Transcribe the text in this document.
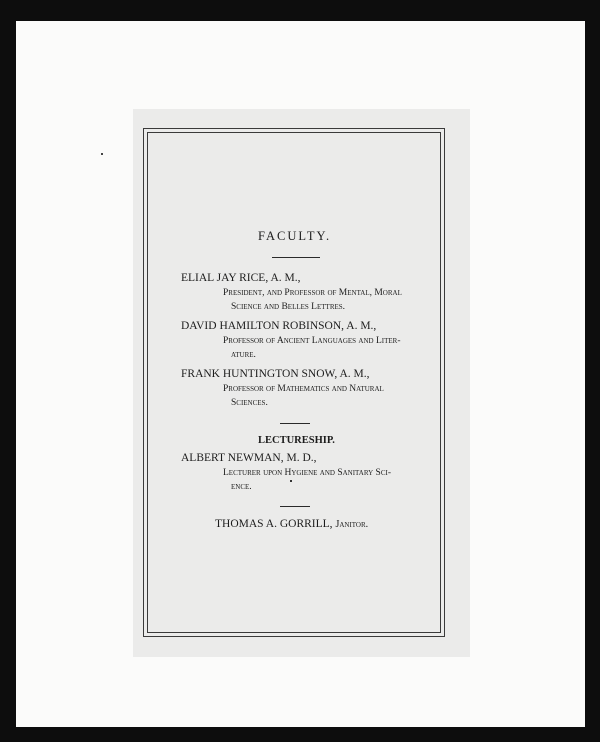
FACULTY.
ELIAL JAY RICE, A. M.,
President, and Professor of Mental, Moral
Science and Belles Lettres.
DAVID HAMILTON ROBINSON, A. M.,
Professor of Ancient Languages and Liter-
ature.
FRANK HUNTINGTON SNOW, A. M.,
Professor of Mathematics and Natural
Sciences.
LECTURESHIP.
ALBERT NEWMAN, M. D.,
Lecturer upon Hygiene and Sanitary Sci-
ence.
THOMAS A. GORRILL, Janitor.
